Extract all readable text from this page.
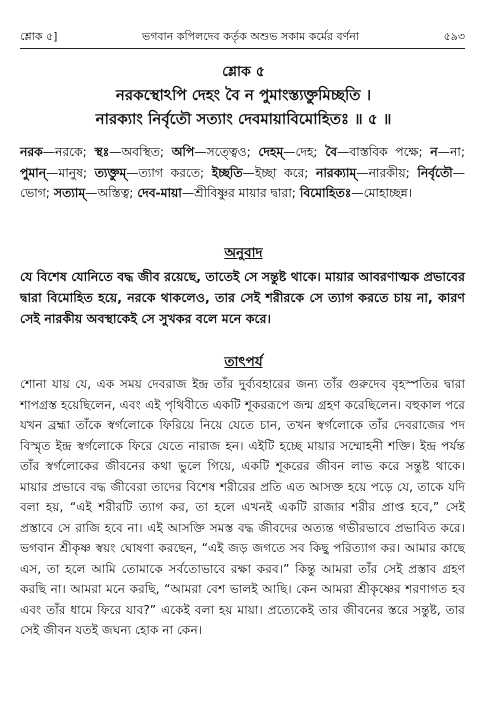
শ্লোক ৫]	ভগবান কপিলদেব কর্তৃক অশুভ সকাম কর্মের বর্ণনা	৫৯৩
শ্লোক ৫
নরকস্থোঽপি দেহং বৈ ন পুমাংস্ত্যক্তুমিচ্ছতি ।
নারক্যাং নির্বৃতৌ সত্যাং দেবমায়াবিমোহিতঃ ॥ ৫ ॥
নরক—নরকে; স্থঃ—অবস্থিত; অপি—সত্ত্বেও; দেহম্—দেহ; বৈ—বাস্তবিক পক্ষে; ন—না; পুমান্—মানুষ; ত্যক্তুম্—ত্যাগ করতে; ইচ্ছতি—ইচ্ছা করে; নারক্যাম্—নারকীয়; নির্বৃতৌ—ভোগ; সত্যাম্—অস্তিত্ব; দেব-মায়া—শ্রীবিষ্ণুর মায়ার দ্বারা; বিমোহিতঃ—মোহাচ্ছন্ন।
অনুবাদ
যে বিশেষ যোনিতে বদ্ধ জীব রয়েছে, তাতেই সে সন্তুষ্ট থাকে। মায়ার আবরণাত্মক প্রভাবের দ্বারা বিমোহিত হয়ে, নরকে থাকলেও, তার সেই শরীরকে সে ত্যাগ করতে চায় না, কারণ সেই নারকীয় অবস্থাকেই সে সুখকর বলে মনে করে।
তাৎপর্য
শোনা যায় যে, এক সময় দেবরাজ ইন্দ্র তাঁর দুর্ব্যবহারের জন্য তাঁর গুরুদেব বৃহস্পতির দ্বারা শাপগ্রস্ত হয়েছিলেন, এবং এই পৃথিবীতে একটি শূকররূপে জন্ম গ্রহণ করেছিলেন। বহুকাল পরে যখন ব্রহ্মা তাঁকে স্বর্গলোকে ফিরিয়ে নিয়ে যেতে চান, তখন স্বর্গলোকে তাঁর দেবরাজের পদ বিস্মৃত ইন্দ্র স্বর্গলোকে ফিরে যেতে নারাজ হন। এইটি হচ্ছে মায়ার সম্মোহনী শক্তি। ইন্দ্র পর্যন্ত তাঁর স্বর্গলোকের জীবনের কথা ভুলে গিয়ে, একটি শূকরের জীবন লাভ করে সন্তুষ্ট থাকে। মায়ার প্রভাবে বদ্ধ জীবেরা তাদের বিশেষ শরীরের প্রতি এত আসক্ত হয়ে পড়ে যে, তাকে যদি বলা হয়, “এই শরীরটি ত্যাগ কর, তা হলে এখনই একটি রাজার শরীর প্রাপ্ত হবে,” সেই প্রস্তাবে সে রাজি হবে না। এই আসক্তি সমস্ত বদ্ধ জীবদের অত্যন্ত গভীরভাবে প্রভাবিত করে। ভগবান শ্রীকৃষ্ণ স্বয়ং ঘোষণা করছেন, “এই জড় জগতে সব কিছু পরিত্যাগ কর। আমার কাছে এস, তা হলে আমি তোমাকে সর্বতোভাবে রক্ষা করব।” কিন্তু আমরা তাঁর সেই প্রস্তাব গ্রহণ করছি না। আমরা মনে করছি, “আমরা বেশ ভালই আছি। কেন আমরা শ্রীকৃষ্ণের শরণাগত হব এবং তাঁর ধামে ফিরে যাব?” একেই বলা হয় মায়া। প্রত্যেকেই তার জীবনের স্তরে সন্তুষ্ট, তার সেই জীবন যতই জঘন্য হোক না কেন।
